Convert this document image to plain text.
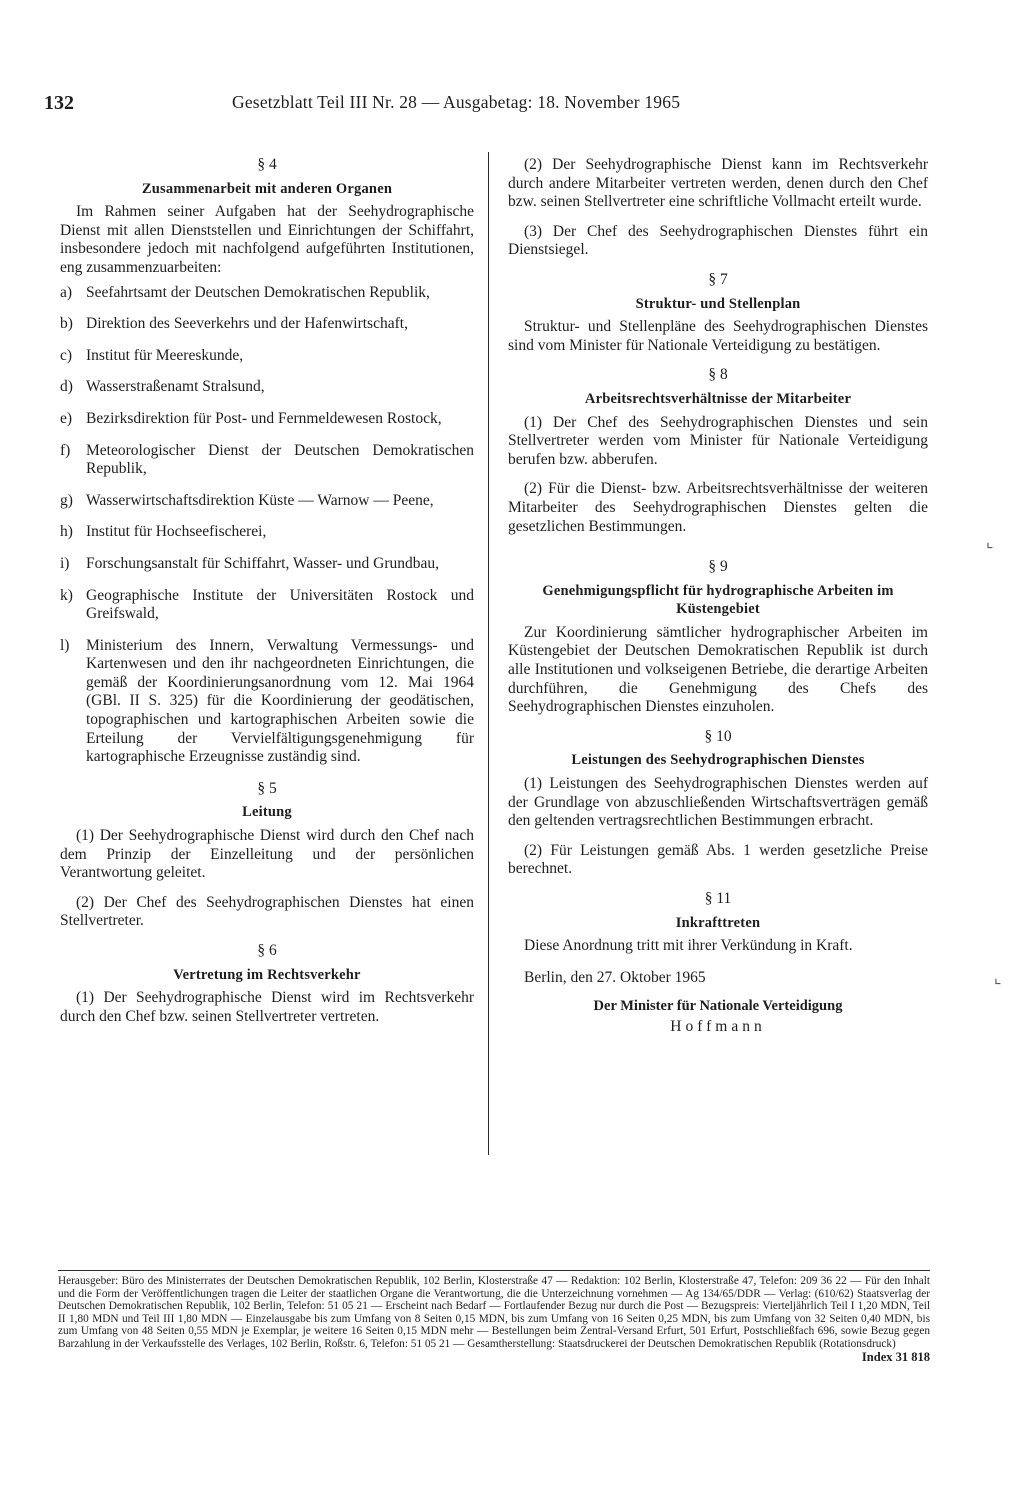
132	Gesetzblatt Teil III Nr. 28 — Ausgabetag: 18. November 1965

§ 4

Zusammenarbeit mit anderen Organen

Im Rahmen seiner Aufgaben hat der Seehydrographische Dienst mit allen Dienststellen und Einrichtungen der Schiffahrt, insbesondere jedoch mit nachfolgend aufgeführten Institutionen, eng zusammenzuarbeiten:

a) Seefahrtsamt der Deutschen Demokratischen Republik,
b) Direktion des Seeverkehrs und der Hafenwirtschaft,
c) Institut für Meereskunde,
d) Wasserstraßenamt Stralsund,
e) Bezirksdirektion für Post- und Fernmeldewesen Rostock,
f)	Meteorologischer Dienst der Deutschen Demokratischen Republik,
g) Wasserwirtschaftsdirektion Küste — Warnow — Peene,
h) Institut für Hochseefischerei,
i)	Forschungsanstalt für Schiffahrt, Wasser- und Grundbau,
k) Geographische Institute der Universitäten Rostock und Greifswald,
l)	Ministerium des Innern, Verwaltung Vermessungs- und Kartenwesen und den ihr nachgeordneten Einrichtungen, die gemäß der Koordinierungsanordnung vom 12. Mai 1964 (GBl. II S. 325) für die Koordinierung der geodätischen, topographischen und kartographischen Arbeiten sowie die Erteilung der Vervielfältigungsgenehmigung für kartographische Erzeugnisse zuständig sind.

§ 5

Leitung

(1) Der Seehydrographische Dienst wird durch den Chef nach dem Prinzip der Einzelleitung und der persönlichen Verantwortung geleitet.

(2) Der Chef des Seehydrographischen Dienstes hat einen Stellvertreter.

§ 6

Vertretung im Rechtsverkehr

(1) Der Seehydrographische Dienst wird im Rechtsverkehr durch den Chef bzw. seinen Stellvertreter vertreten.

(2) Der Seehydrographische Dienst kann im Rechtsverkehr durch andere Mitarbeiter vertreten werden, denen durch den Chef bzw. seinen Stellvertreter eine schriftliche Vollmacht erteilt wurde.

(3) Der Chef des Seehydrographischen Dienstes führt ein Dienstsiegel.

§ 7

Struktur- und Stellenplan

Struktur- und Stellenpläne des Seehydrographischen Dienstes sind vom Minister für Nationale Verteidigung zu bestätigen.

§ 8

Arbeitsrechtsverhältnisse der Mitarbeiter

(1) Der Chef des Seehydrographischen Dienstes und sein Stellvertreter werden vom Minister für Nationale Verteidigung berufen bzw. abberufen.

(2) Für die Dienst- bzw. Arbeitsrechtsverhältnisse der weiteren Mitarbeiter des Seehydrographischen Dienstes gelten die gesetzlichen Bestimmungen.

§ 9

Genehmigungspflicht für hydrographische Arbeiten im Küstengebiet

Zur Koordinierung sämtlicher hydrographischer Arbeiten im Küstengebiet der Deutschen Demokratischen Republik ist durch alle Institutionen und volkseigenen Betriebe, die derartige Arbeiten durchführen, die Genehmigung des Chefs des Seehydrographischen Dienstes einzuholen.

§ 10

Leistungen des Seehydrographischen Dienstes

(1) Leistungen des Seehydrographischen Dienstes werden auf der Grundlage von abzuschließenden Wirtschaftsverträgen gemäß den geltenden vertragsrechtlichen Bestimmungen erbracht.

(2) Für Leistungen gemäß Abs. 1 werden gesetzliche Preise berechnet.

§ 11

Inkrafttreten

Diese Anordnung tritt mit ihrer Verkündung in Kraft.

Berlin, den 27. Oktober 1965

Der Minister für Nationale Verteidigung

Hoffmann

⌞
⌞
Herausgeber: Büro des Ministerrates der Deutschen Demokratischen Republik, 102 Berlin, Klosterstraße 47 — Redaktion: 102 Berlin, Klosterstraße 47, Telefon: 209 36 22 — Für den Inhalt und die Form der Veröffentlichungen tragen die Leiter der staatlichen Organe die Verantwortung, die die Unterzeichnung vornehmen — Ag 134/65/DDR — Verlag: (610/62) Staatsverlag der Deutschen Demokratischen Republik, 102 Berlin, Telefon: 51 05 21 — Erscheint nach Bedarf — Fortlaufender Bezug nur durch die Post — Bezugspreis: Vierteljährlich Teil I 1,20 MDN, Teil II 1,80 MDN und Teil III 1,80 MDN — Einzelausgabe bis zum Umfang von 8 Seiten 0,15 MDN, bis zum Umfang von 16 Seiten 0,25 MDN, bis zum Umfang von 32 Seiten 0,40 MDN, bis zum Umfang von 48 Seiten 0,55 MDN je Exemplar, je weitere 16 Seiten 0,15 MDN mehr — Bestellungen beim Zentral-Versand Erfurt, 501 Erfurt, Postschließfach 696, sowie Bezug gegen Barzahlung in der Verkaufsstelle des Verlages, 102 Berlin, Roßstr. 6, Telefon: 51 05 21 — Gesamtherstellung: Staatsdruckerei der Deutschen Demokratischen Republik (Rotationsdruck)
Index 31 818
